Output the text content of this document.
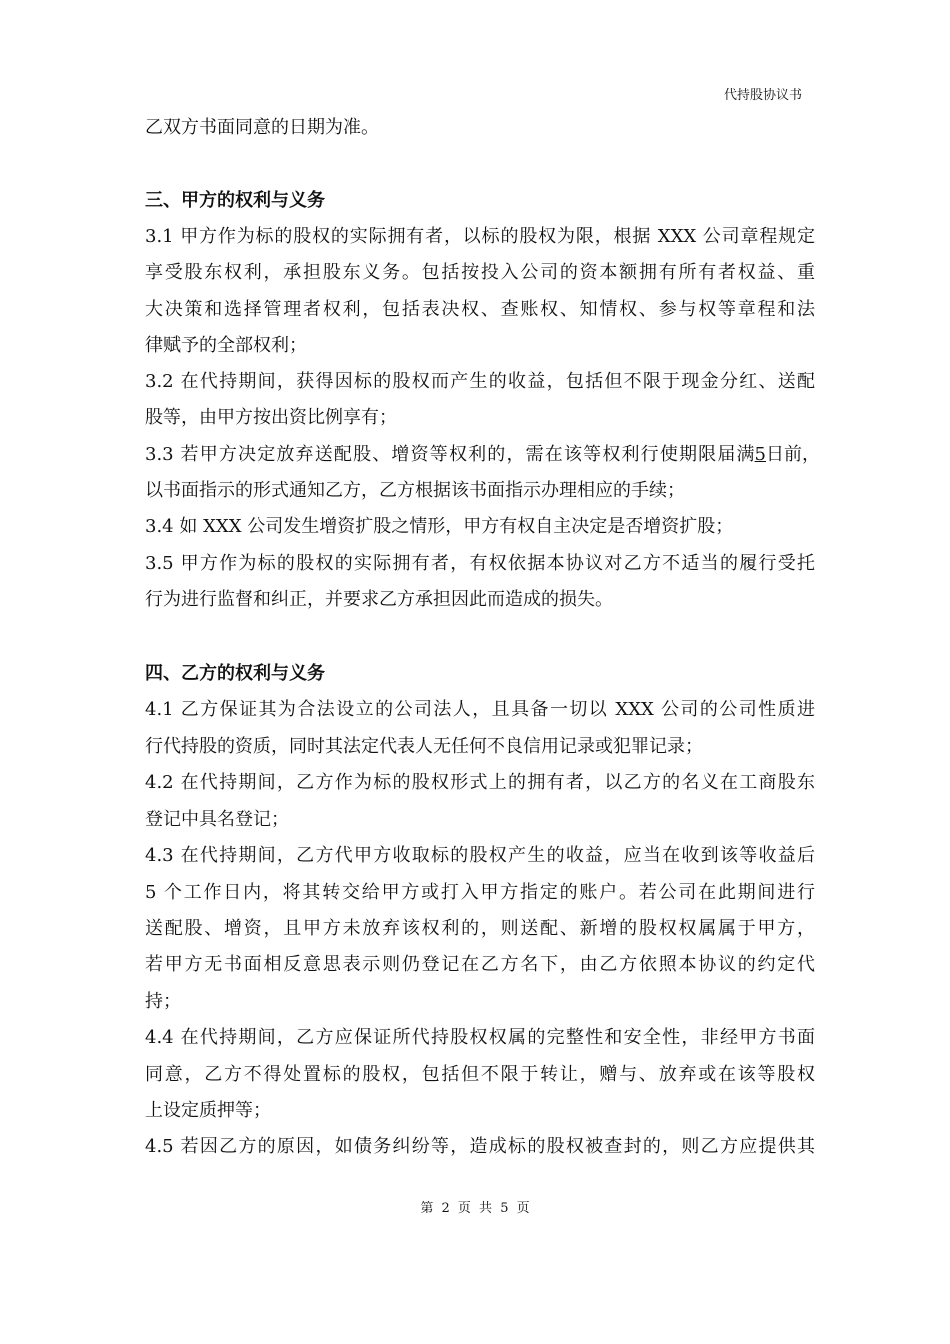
代持股协议书
乙双方书面同意的日期为准。
三、甲方的权利与义务
3.1 甲方作为标的股权的实际拥有者，以标的股权为限，根据 XXX 公司章程规定
享受股东权利，承担股东义务。包括按投入公司的资本额拥有所有者权益、重
大决策和选择管理者权利，包括表决权、查账权、知情权、参与权等章程和法
律赋予的全部权利；
3.2 在代持期间，获得因标的股权而产生的收益，包括但不限于现金分红、送配
股等，由甲方按出资比例享有；
3.3 若甲方决定放弃送配股、增资等权利的，需在该等权利行使期限届满 5 日前，
以书面指示的形式通知乙方，乙方根据该书面指示办理相应的手续；
3.4 如 XXX 公司发生增资扩股之情形，甲方有权自主决定是否增资扩股；
3.5 甲方作为标的股权的实际拥有者，有权依据本协议对乙方不适当的履行受托
行为进行监督和纠正，并要求乙方承担因此而造成的损失。
四、乙方的权利与义务
4.1 乙方保证其为合法设立的公司法人，且具备一切以 XXX 公司的公司性质进
行代持股的资质，同时其法定代表人无任何不良信用记录或犯罪记录；
4.2 在代持期间，乙方作为标的股权形式上的拥有者，以乙方的名义在工商股东
登记中具名登记；
4.3 在代持期间，乙方代甲方收取标的股权产生的收益，应当在收到该等收益后
5 个工作日内，将其转交给甲方或打入甲方指定的账户。若公司在此期间进行
送配股、增资，且甲方未放弃该权利的，则送配、新增的股权权属属于甲方，
若甲方无书面相反意思表示则仍登记在乙方名下，由乙方依照本协议的约定代
持；
4.4 在代持期间，乙方应保证所代持股权权属的完整性和安全性，非经甲方书面
同意，乙方不得处置标的股权，包括但不限于转让，赠与、放弃或在该等股权
上设定质押等；
4.5 若因乙方的原因，如债务纠纷等，造成标的股权被查封的，则乙方应提供其
第 2 页 共 5 页
